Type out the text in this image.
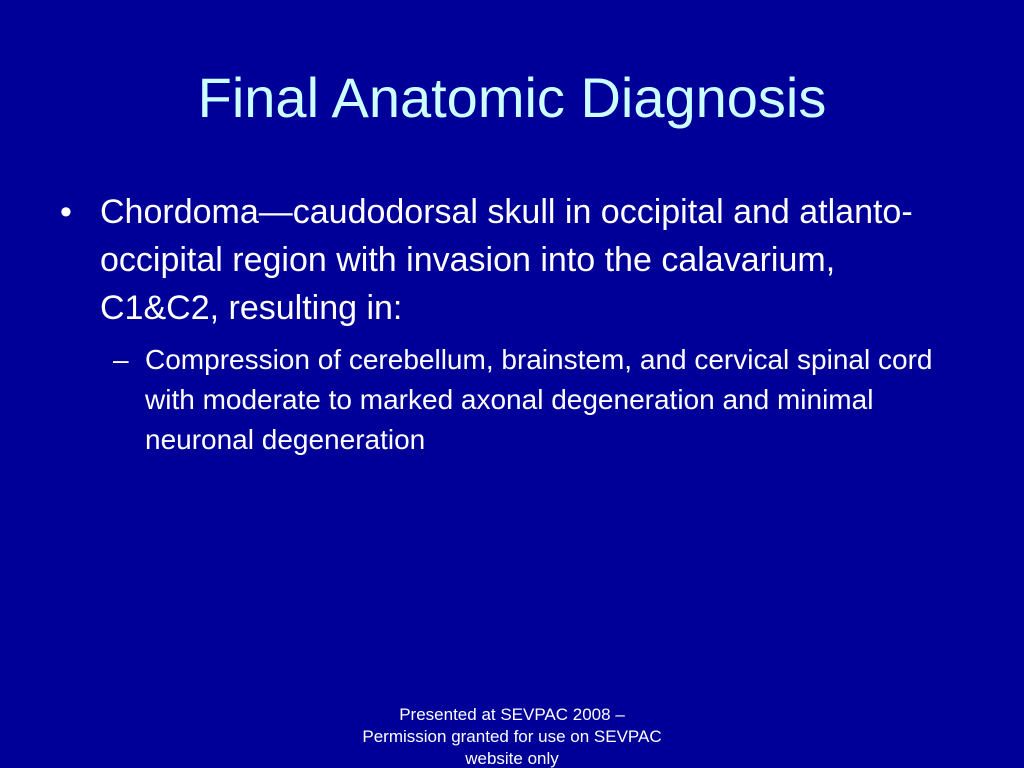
Final Anatomic Diagnosis
• Chordoma—caudodorsal skull in occipital and atlanto-occipital region with invasion into the calavarium, C1&C2, resulting in:
– Compression of cerebellum, brainstem, and cervical spinal cord with moderate to marked axonal degeneration and minimal neuronal degeneration
Presented at SEVPAC 2008 – Permission granted for use on SEVPAC website only
